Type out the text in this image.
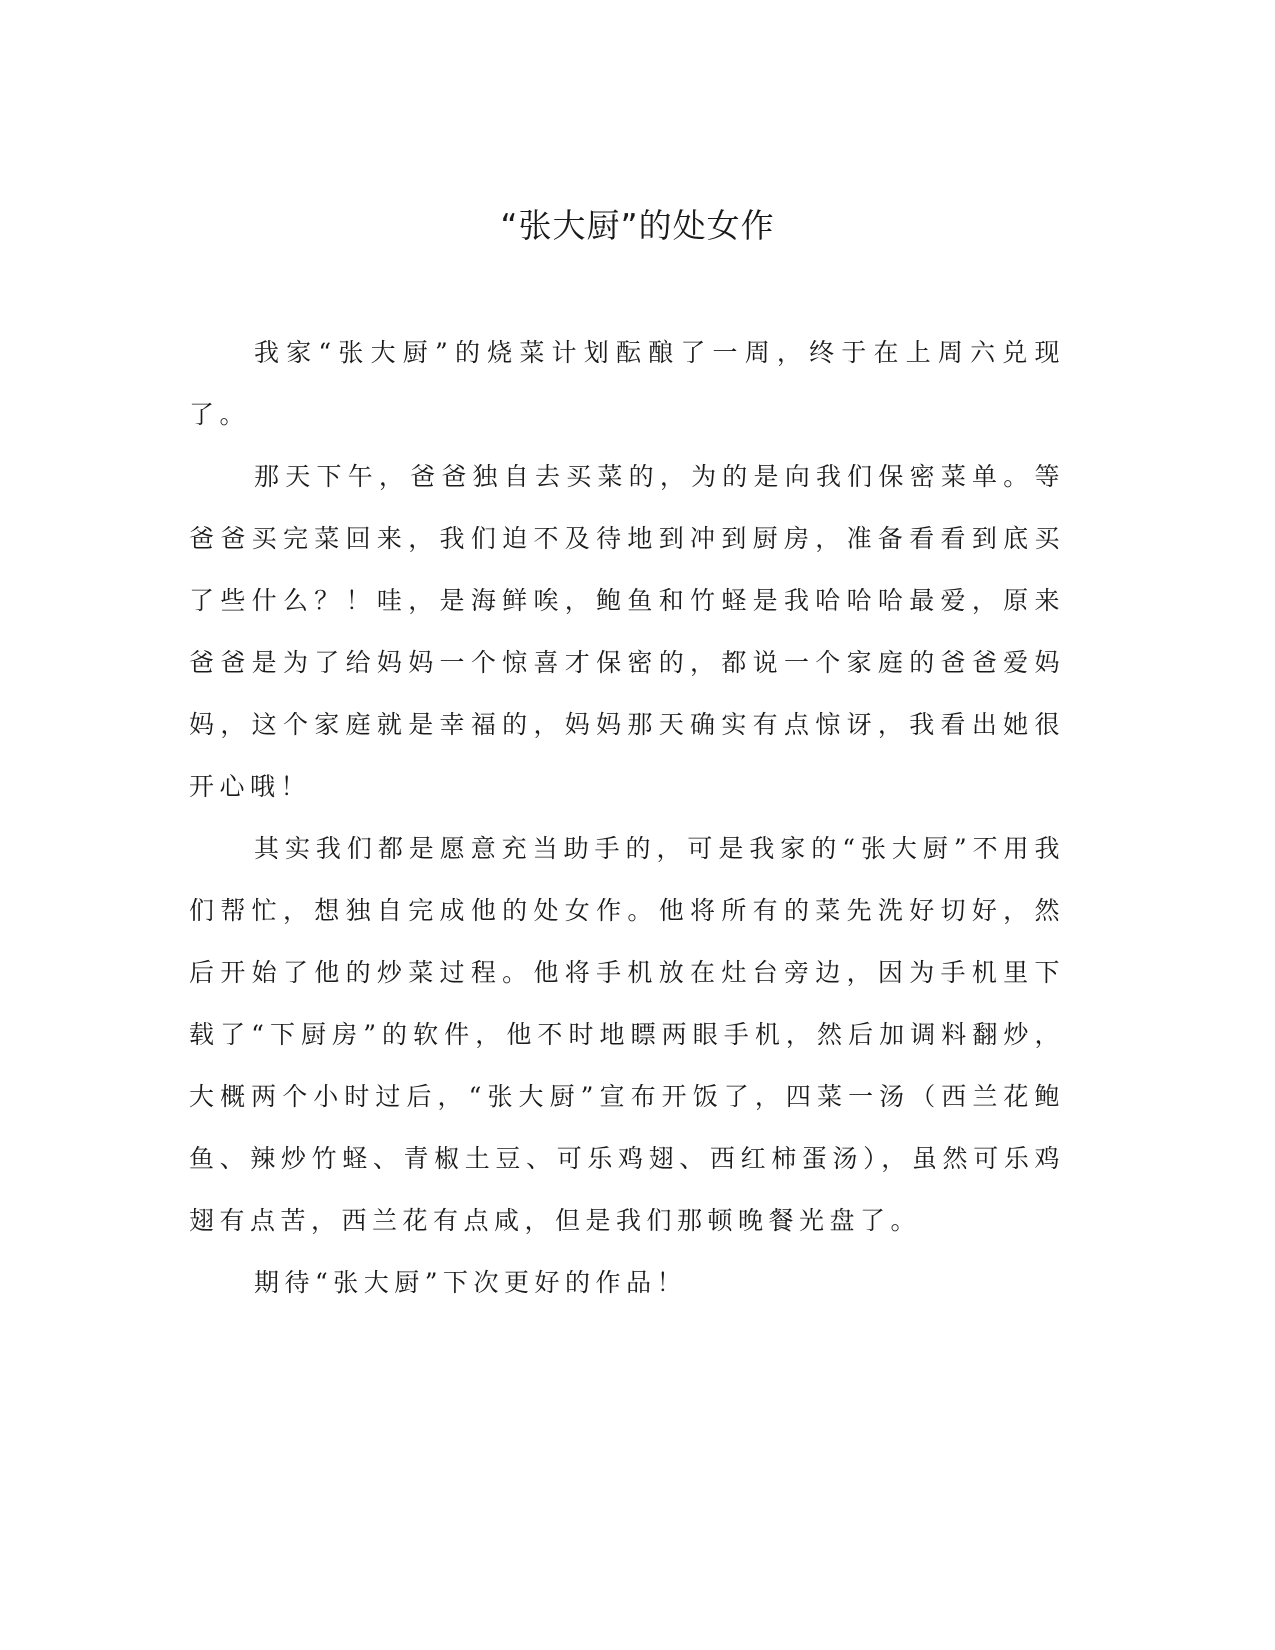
“张大厨”的处女作

我家“张大厨”的烧菜计划酝酿了一周，终于在上周六兑现了。

那天下午，爸爸独自去买菜的，为的是向我们保密菜单。等爸爸买完菜回来，我们迫不及待地到冲到厨房，准备看看到底买了些什么？！哇，是海鲜唉，鲍鱼和竹蛏是我哈哈哈最爱，原来爸爸是为了给妈妈一个惊喜才保密的，都说一个家庭的爸爸爱妈妈，这个家庭就是幸福的，妈妈那天确实有点惊讶，我看出她很开心哦！

其实我们都是愿意充当助手的，可是我家的“张大厨”不用我们帮忙，想独自完成他的处女作。他将所有的菜先洗好切好，然后开始了他的炒菜过程。他将手机放在灶台旁边，因为手机里下载了“下厨房”的软件，他不时地瞟两眼手机，然后加调料翻炒，大概两个小时过后，“张大厨”宣布开饭了，四菜一汤（西兰花鲍鱼、辣炒竹蛏、青椒土豆、可乐鸡翅、西红柿蛋汤），虽然可乐鸡翅有点苦，西兰花有点咸，但是我们那顿晚餐光盘了。

期待“张大厨”下次更好的作品！
